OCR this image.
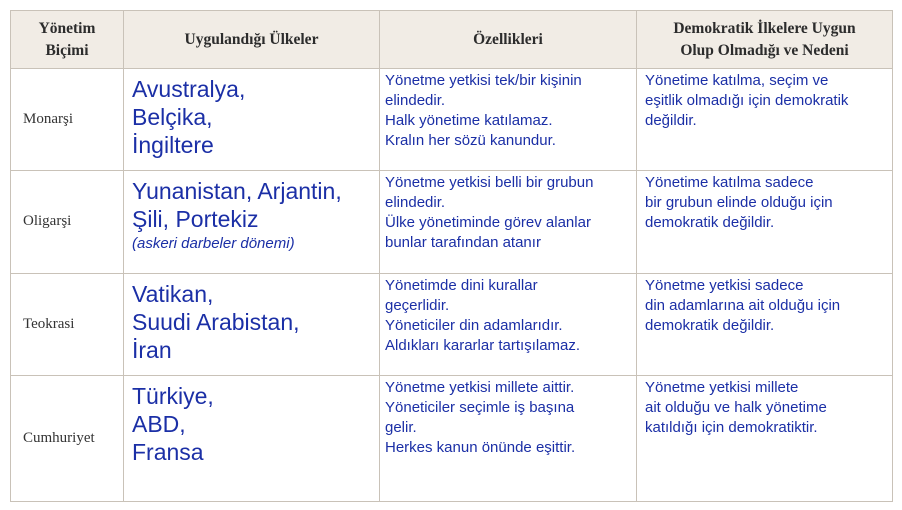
Yönetim
Biçimi	Uygulandığı Ülkeler	Özellikleri	Demokratik İlkelere Uygun
Olup Olmadığı ve Nedeni

Monarşi	Avustralya,
Belçika,
İngiltere	Yönetme yetkisi tek/bir kişinin
elindedir.
Halk yönetime katılamaz.
Kralın her sözü kanundur.	Yönetime katılma, seçim ve
eşitlik olmadığı için demokratik
değildir.

Oligarşi	Yunanistan, Arjantin,
Şili, Portekiz
(askeri darbeler dönemi)	Yönetme yetkisi belli bir grubun
elindedir.
Ülke yönetiminde görev alanlar
bunlar tarafından atanır	Yönetime katılma sadece
bir grubun elinde olduğu için
demokratik değildir.

Teokrasi	Vatikan,
Suudi Arabistan,
İran	Yönetimde dini kurallar
geçerlidir.
Yöneticiler din adamlarıdır.
Aldıkları kararlar tartışılamaz.	Yönetme yetkisi sadece
din adamlarına ait olduğu için
demokratik değildir.

Cumhuriyet	Türkiye,
ABD,
Fransa	Yönetme yetkisi millete aittir.
Yöneticiler seçimle iş başına
gelir.
Herkes kanun önünde eşittir.	Yönetme yetkisi millete
ait olduğu ve halk yönetime
katıldığı için demokratiktir.
